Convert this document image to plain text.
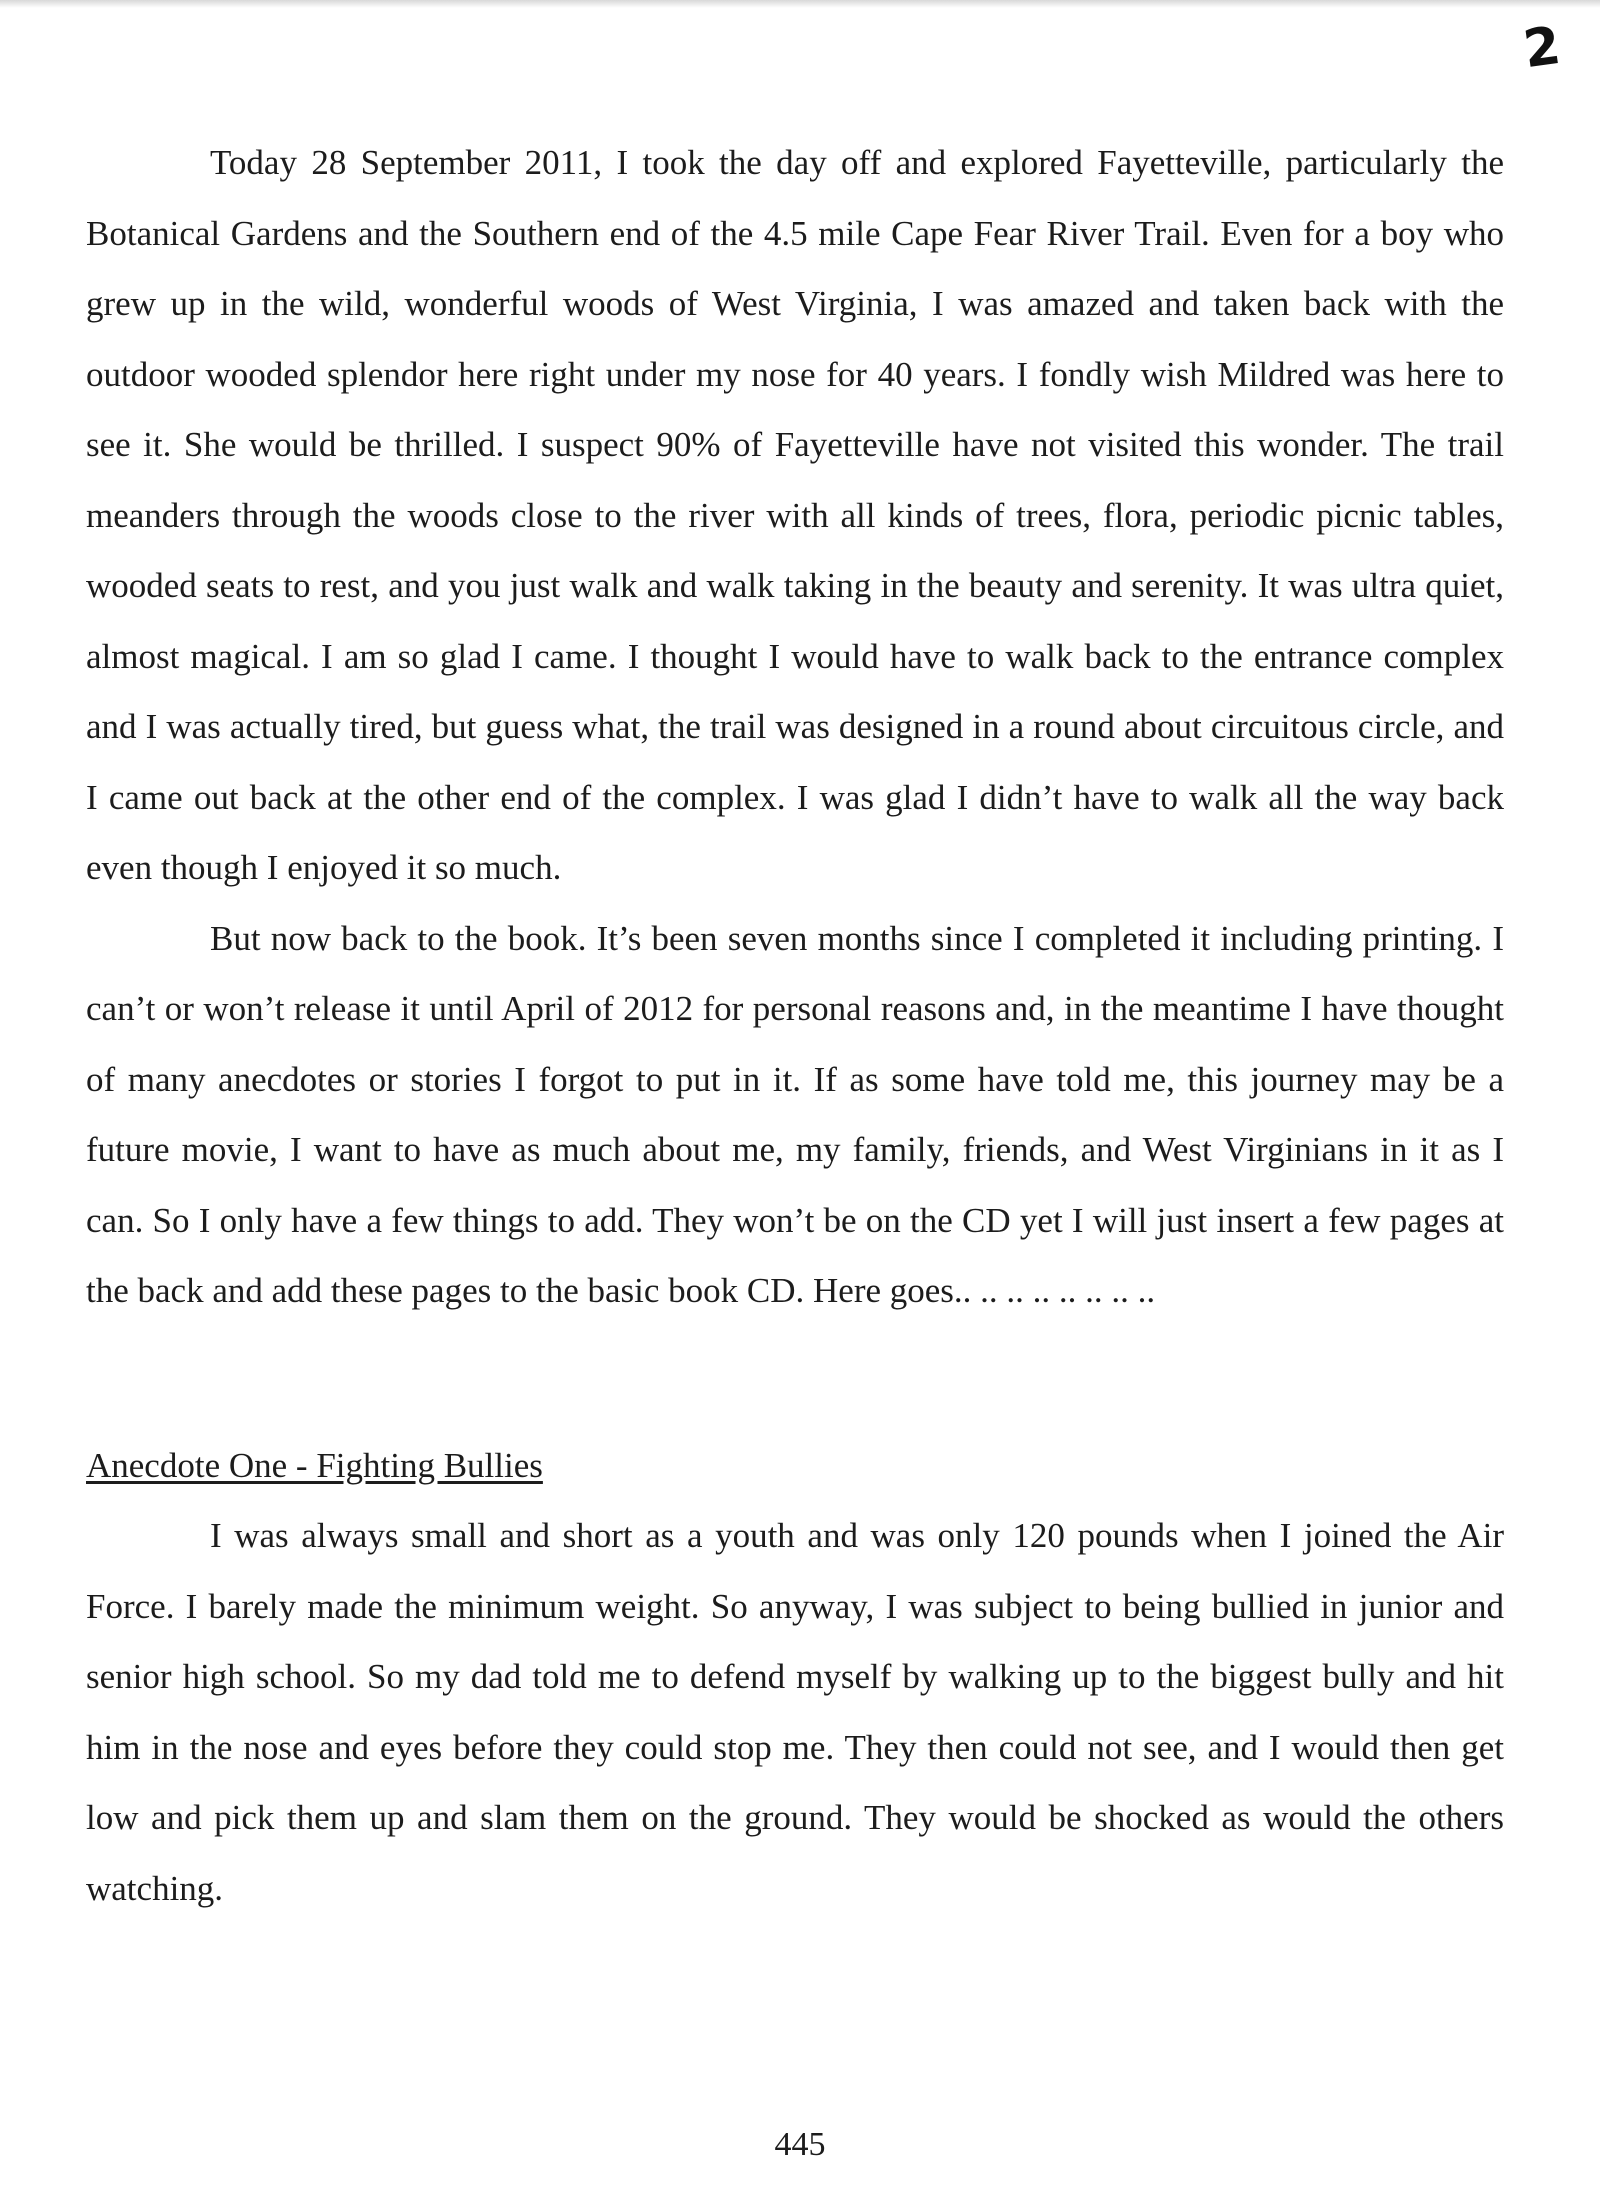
2

Today 28 September 2011, I took the day off and explored Fayetteville, particularly the Botanical Gardens and the Southern end of the 4.5 mile Cape Fear River Trail. Even for a boy who grew up in the wild, wonderful woods of West Virginia, I was amazed and taken back with the outdoor wooded splendor here right under my nose for 40 years. I fondly wish Mildred was here to see it. She would be thrilled. I suspect 90% of Fayetteville have not visited this wonder. The trail meanders through the woods close to the river with all kinds of trees, flora, periodic picnic tables, wooded seats to rest, and you just walk and walk taking in the beauty and serenity. It was ultra quiet, almost magical. I am so glad I came. I thought I would have to walk back to the entrance complex and I was actually tired, but guess what, the trail was designed in a round about circuitous circle, and I came out back at the other end of the complex. I was glad I didn’t have to walk all the way back even though I enjoyed it so much.

But now back to the book. It’s been seven months since I completed it including printing. I can’t or won’t release it until April of 2012 for personal reasons and, in the meantime I have thought of many anecdotes or stories I forgot to put in it. If as some have told me, this journey may be a future movie, I want to have as much about me, my family, friends, and West Virginians in it as I can. So I only have a few things to add. They won’t be on the CD yet I will just insert a few pages at the back and add these pages to the basic book CD. Here goes.. .. .. .. .. .. .. ..

Anecdote One - Fighting Bullies

I was always small and short as a youth and was only 120 pounds when I joined the Air Force. I barely made the minimum weight. So anyway, I was subject to being bullied in junior and senior high school. So my dad told me to defend myself by walking up to the biggest bully and hit him in the nose and eyes before they could stop me. They then could not see, and I would then get low and pick them up and slam them on the ground. They would be shocked as would the others watching.

445
